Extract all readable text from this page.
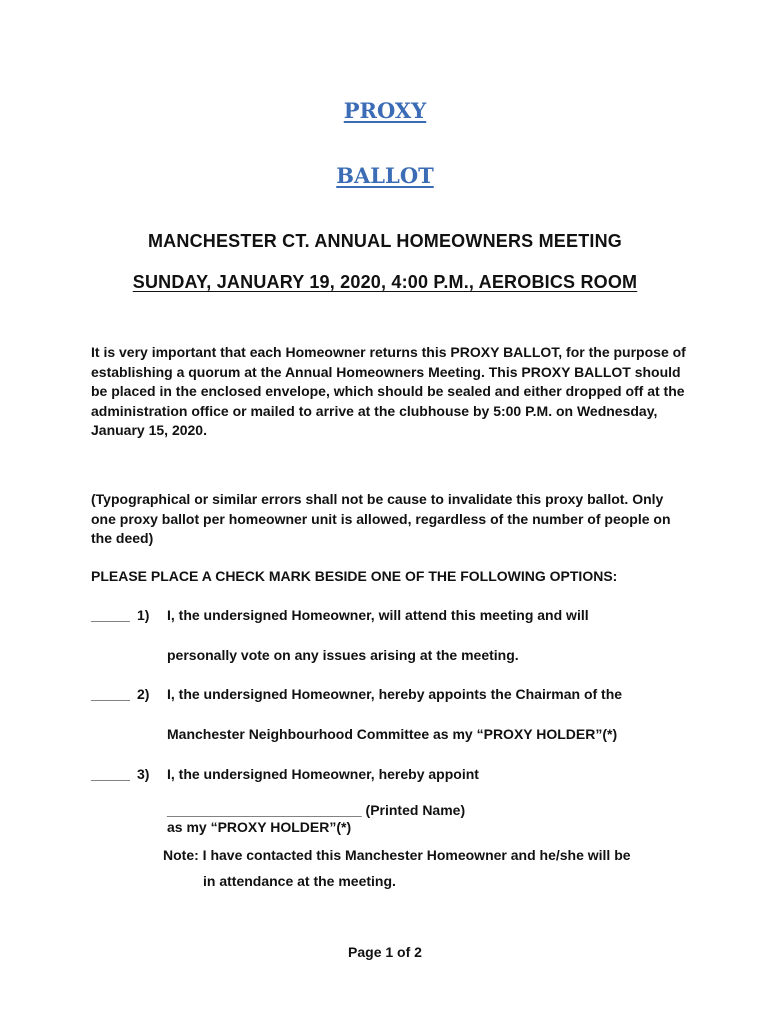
PROXY
BALLOT
MANCHESTER CT. ANNUAL HOMEOWNERS MEETING
SUNDAY, JANUARY 19, 2020, 4:00 P.M., AEROBICS ROOM
It is very important that each Homeowner returns this PROXY BALLOT, for the purpose of establishing a quorum at the Annual Homeowners Meeting. This PROXY BALLOT should be placed in the enclosed envelope, which should be sealed and either dropped off at the administration office or mailed to arrive at the clubhouse by 5:00 P.M. on Wednesday, January 15, 2020.
(Typographical or similar errors shall not be cause to invalidate this proxy ballot. Only one proxy ballot per homeowner unit is allowed, regardless of the number of people on the deed)
PLEASE PLACE A CHECK MARK BESIDE ONE OF THE FOLLOWING OPTIONS:
_____ 1) I, the undersigned Homeowner, will attend this meeting and will
personally vote on any issues arising at the meeting.
_____ 2) I, the undersigned Homeowner, hereby appoints the Chairman of the
Manchester Neighbourhood Committee as my “PROXY HOLDER”(*)
_____ 3) I, the undersigned Homeowner, hereby appoint
_________________________ (Printed Name)
as my “PROXY HOLDER”(*)
Note: I have contacted this Manchester Homeowner and he/she will be
in attendance at the meeting.
Page 1 of 2
